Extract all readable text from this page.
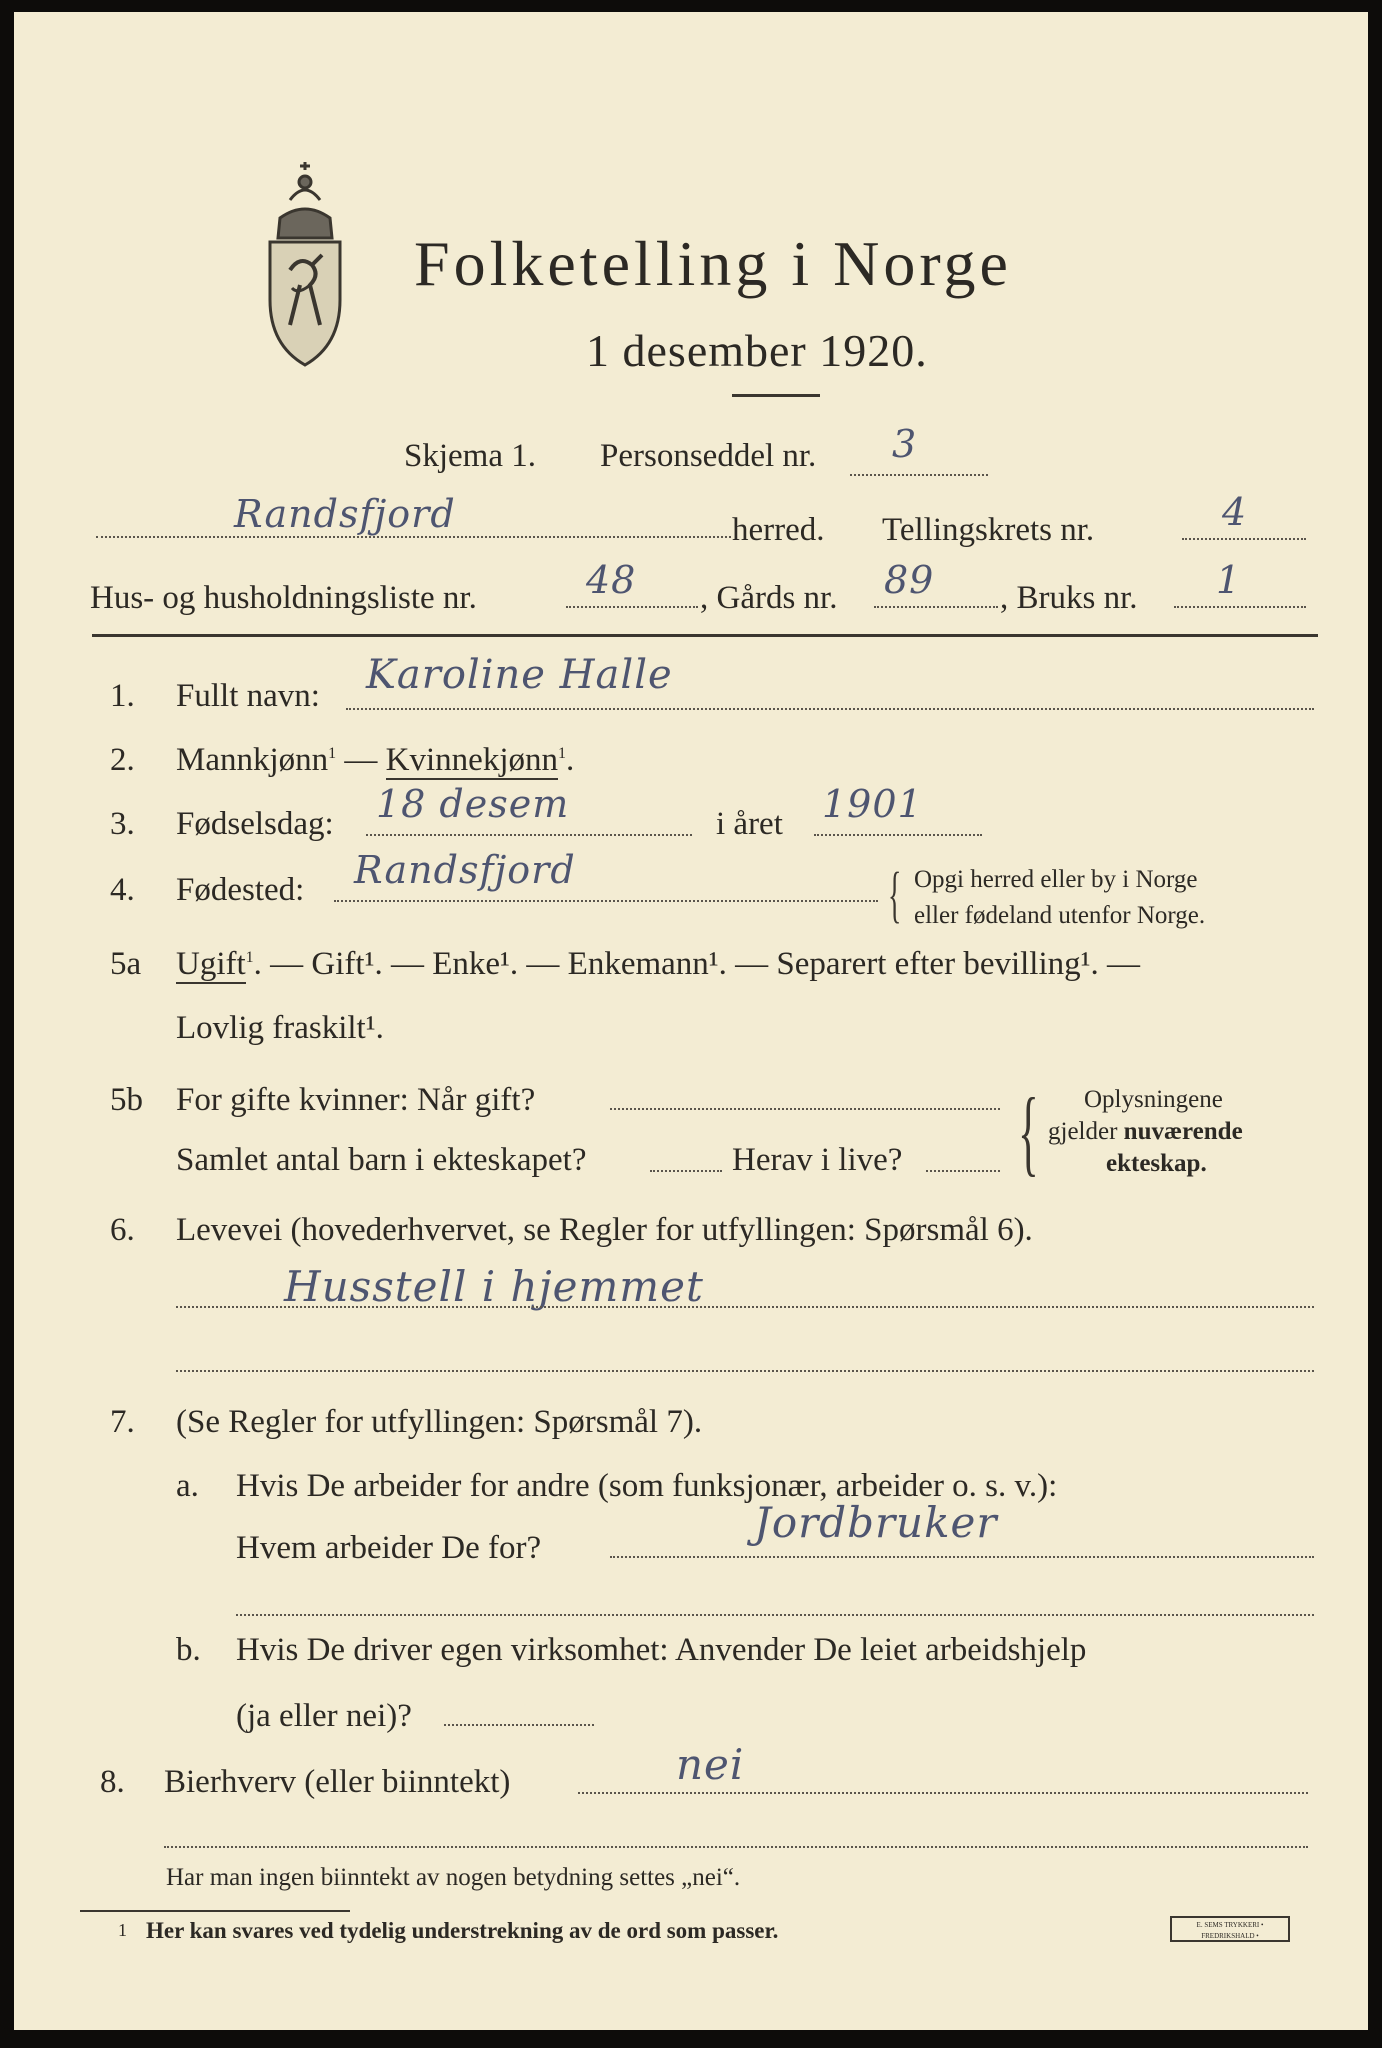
Folketelling i Norge
1 desember 1920.
Skjema 1. Personseddel nr. 3
Randsfjord	herred. Tellingskrets nr.	4
Hus- og husholdningsliste nr.	48 , Gårds nr. 89 , Bruks nr. 1
1. Fullt navn: Karoline Halle
2. Mannkjønn$^1$ — Kvinnekjønn$^1$.
3. Fødselsdag: 18 desem	i året 1901
4. Fødested: Randsfjord	{ Opgi herred eller by i Norge
eller fødeland utenfor Norge.
5a Ugift$^1$. — Gift¹. — Enke¹. — Enkemann¹. — Separert efter bevilling¹. —
Lovlig fraskilt¹.
5b For gifte kvinner: Når gift?
Samlet antal barn i ekteskapet?	Herav i live? { Oplysningene
gjelder nuværende
ekteskap.
6. Levevei (hovederhvervet, se Regler for utfyllingen: Spørsmål 6).
Husstell i hjemmet
7. (Se Regler for utfyllingen: Spørsmål 7).
a. Hvis De arbeider for andre (som funksjonær, arbeider o. s. v.):
Hvem arbeider De for?
Jordbruker
b. Hvis De driver egen virksomhet: Anvender De leiet arbeidshjelp
(ja eller nei)?
8. Bierhverv (eller biinntekt)	nei
Har man ingen biinntekt av nogen betydning settes „nei“.
1 Her kan svares ved tydelig understrekning av de ord som passer.	E. SEMS TRYKKERI • FREDRIKSHALD •
